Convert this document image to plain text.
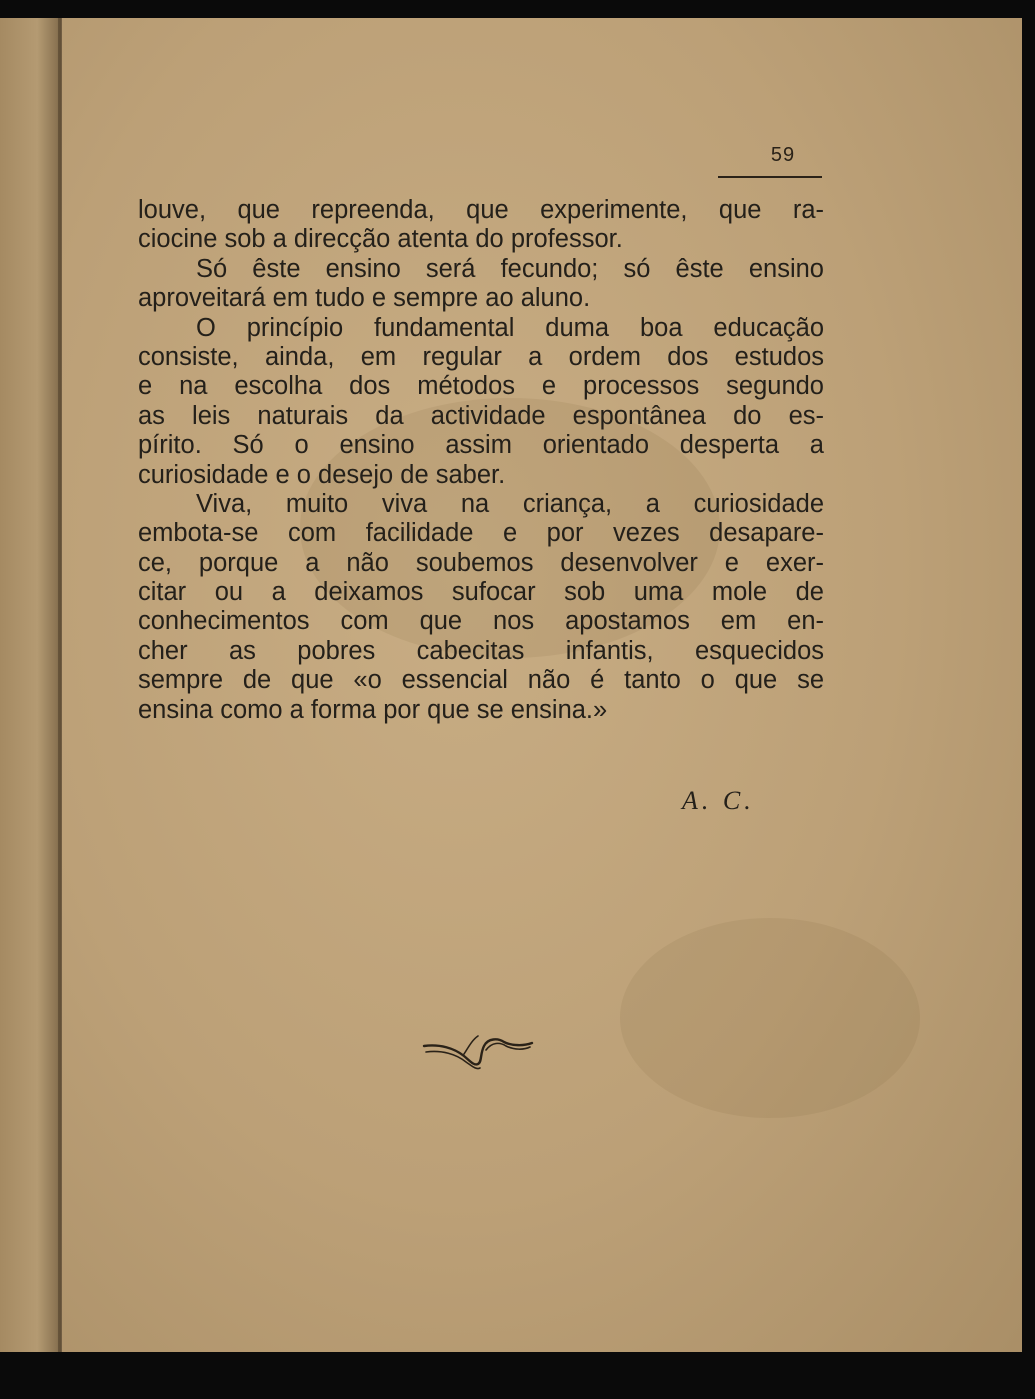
59
louve, que repreenda, que experimente, que ra-
ciocine sob a direcção atenta do professor.
Só êste ensino será fecundo; só êste ensino
aproveitará em tudo e sempre ao aluno.
O princípio fundamental duma boa educação
consiste, ainda, em regular a ordem dos estudos
e na escolha dos métodos e processos segundo
as leis naturais da actividade espontânea do es-
pírito. Só o ensino assim orientado desperta a
curiosidade e o desejo de saber.
Viva, muito viva na criança, a curiosidade
embota-se com facilidade e por vezes desapare-
ce, porque a não soubemos desenvolver e exer-
citar ou a deixamos sufocar sob uma mole de
conhecimentos com que nos apostamos em en-
cher as pobres cabecitas infantis, esquecidos
sempre de que «o essencial não é tanto o que se
ensina como a forma por que se ensina.»
A. C.
